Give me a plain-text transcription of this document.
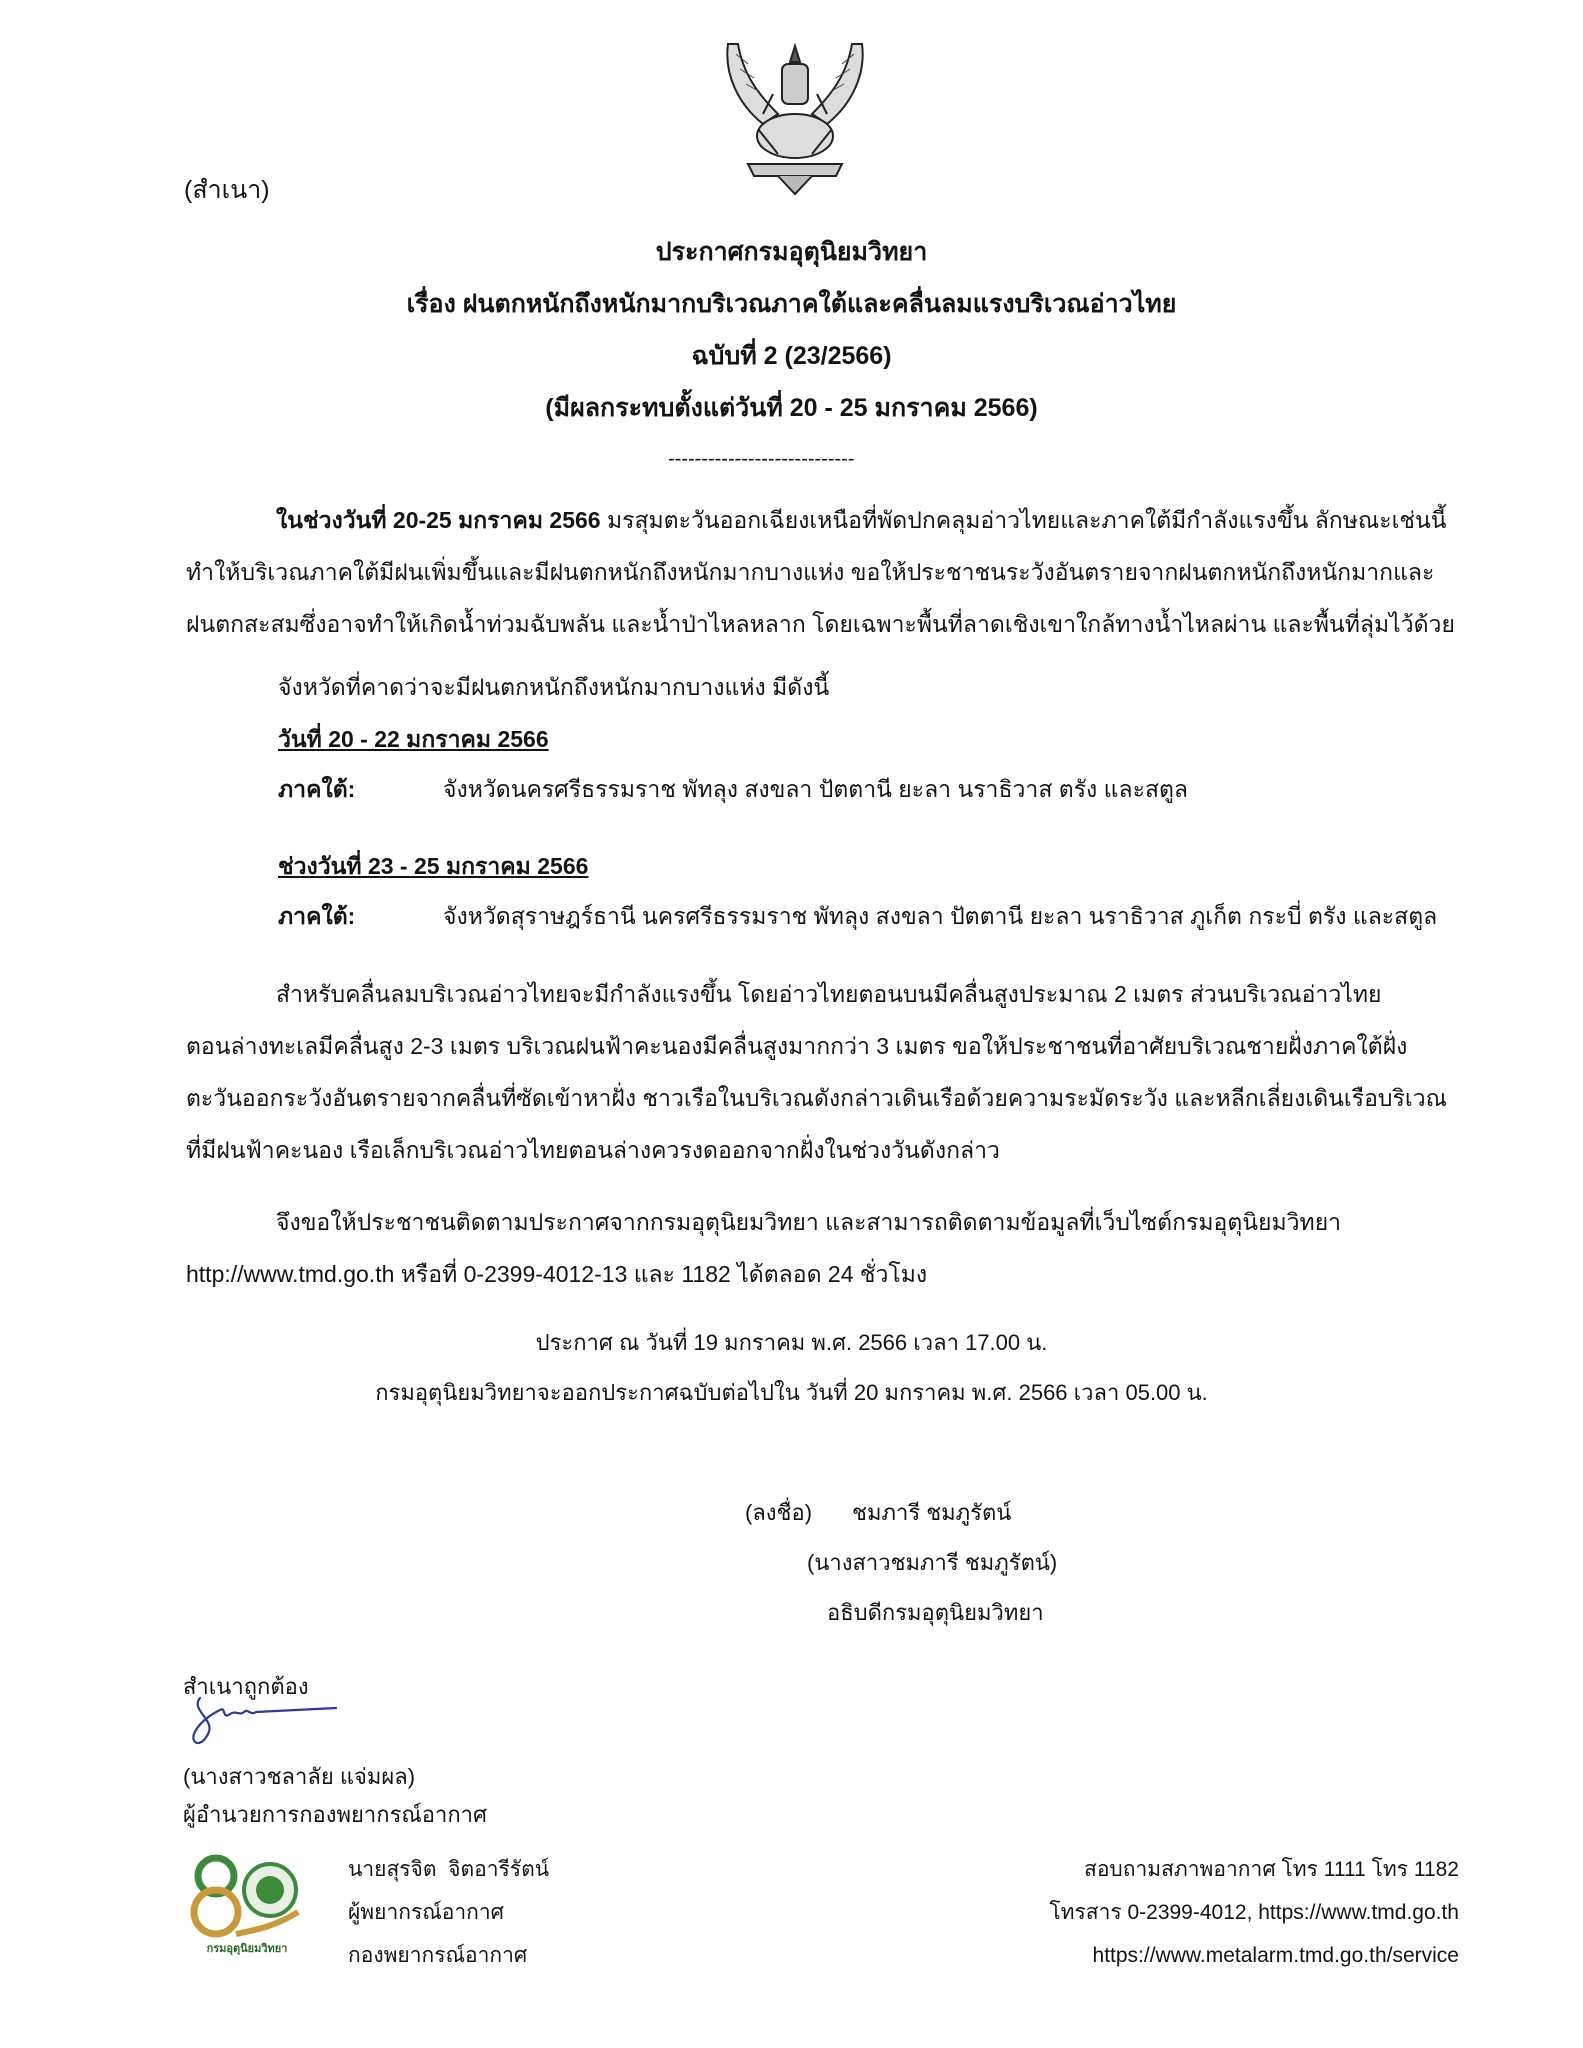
(สำเนา)
ประกาศกรมอุตุนิยมวิทยา
เรื่อง ฝนตกหนักถึงหนักมากบริเวณภาคใต้และคลื่นลมแรงบริเวณอ่าวไทย
ฉบับที่ 2 (23/2566)
(มีผลกระทบตั้งแต่วันที่ 20 - 25 มกราคม 2566)
----------------------------
ในช่วงวันที่ 20-25 มกราคม 2566 มรสุมตะวันออกเฉียงเหนือที่พัดปกคลุมอ่าวไทยและภาคใต้มีกำลังแรงขึ้น ลักษณะเช่นนี้
ทำให้บริเวณภาคใต้มีฝนเพิ่มขึ้นและมีฝนตกหนักถึงหนักมากบางแห่ง ขอให้ประชาชนระวังอันตรายจากฝนตกหนักถึงหนักมากและ
ฝนตกสะสมซึ่งอาจทำให้เกิดน้ำท่วมฉับพลัน และน้ำป่าไหลหลาก โดยเฉพาะพื้นที่ลาดเชิงเขาใกล้ทางน้ำไหลผ่าน และพื้นที่ลุ่มไว้ด้วย
จังหวัดที่คาดว่าจะมีฝนตกหนักถึงหนักมากบางแห่ง มีดังนี้
วันที่ 20 - 22 มกราคม 2566
ภาคใต้:	จังหวัดนครศรีธรรมราช พัทลุง สงขลา ปัตตานี ยะลา นราธิวาส ตรัง และสตูล
ช่วงวันที่ 23 - 25 มกราคม 2566
ภาคใต้:	จังหวัดสุราษฎร์ธานี นครศรีธรรมราช พัทลุง สงขลา ปัตตานี ยะลา นราธิวาส ภูเก็ต กระบี่ ตรัง และสตูล
สำหรับคลื่นลมบริเวณอ่าวไทยจะมีกำลังแรงขึ้น โดยอ่าวไทยตอนบนมีคลื่นสูงประมาณ 2 เมตร ส่วนบริเวณอ่าวไทย
ตอนล่างทะเลมีคลื่นสูง 2-3 เมตร บริเวณฝนฟ้าคะนองมีคลื่นสูงมากกว่า 3 เมตร ขอให้ประชาชนที่อาศัยบริเวณชายฝั่งภาคใต้ฝั่ง
ตะวันออกระวังอันตรายจากคลื่นที่ซัดเข้าหาฝั่ง ชาวเรือในบริเวณดังกล่าวเดินเรือด้วยความระมัดระวัง และหลีกเลี่ยงเดินเรือบริเวณ
ที่มีฝนฟ้าคะนอง เรือเล็กบริเวณอ่าวไทยตอนล่างควรงดออกจากฝั่งในช่วงวันดังกล่าว
จึงขอให้ประชาชนติดตามประกาศจากกรมอุตุนิยมวิทยา และสามารถติดตามข้อมูลที่เว็บไซต์กรมอุตุนิยมวิทยา
http://www.tmd.go.th หรือที่ 0-2399-4012-13 และ 1182 ได้ตลอด 24 ชั่วโมง
ประกาศ ณ วันที่ 19 มกราคม พ.ศ. 2566 เวลา 17.00 น.
กรมอุตุนิยมวิทยาจะออกประกาศฉบับต่อไปใน วันที่ 20 มกราคม พ.ศ. 2566 เวลา 05.00 น.
(ลงชื่อ) ชมภารี ชมภูรัตน์
(นางสาวชมภารี ชมภูรัตน์)
อธิบดีกรมอุตุนิยมวิทยา
สำเนาถูกต้อง
(นางสาวชลาลัย แจ่มผล)
ผู้อำนวยการกองพยากรณ์อากาศ
กรมอุตุนิยมวิทยา
นายสุรจิต  จิตอารีรัตน์
ผู้พยากรณ์อากาศ
กองพยากรณ์อากาศ
สอบถามสภาพอากาศ โทร 1111 โทร 1182
โทรสาร 0-2399-4012, https://www.tmd.go.th
https://www.metalarm.tmd.go.th/service
